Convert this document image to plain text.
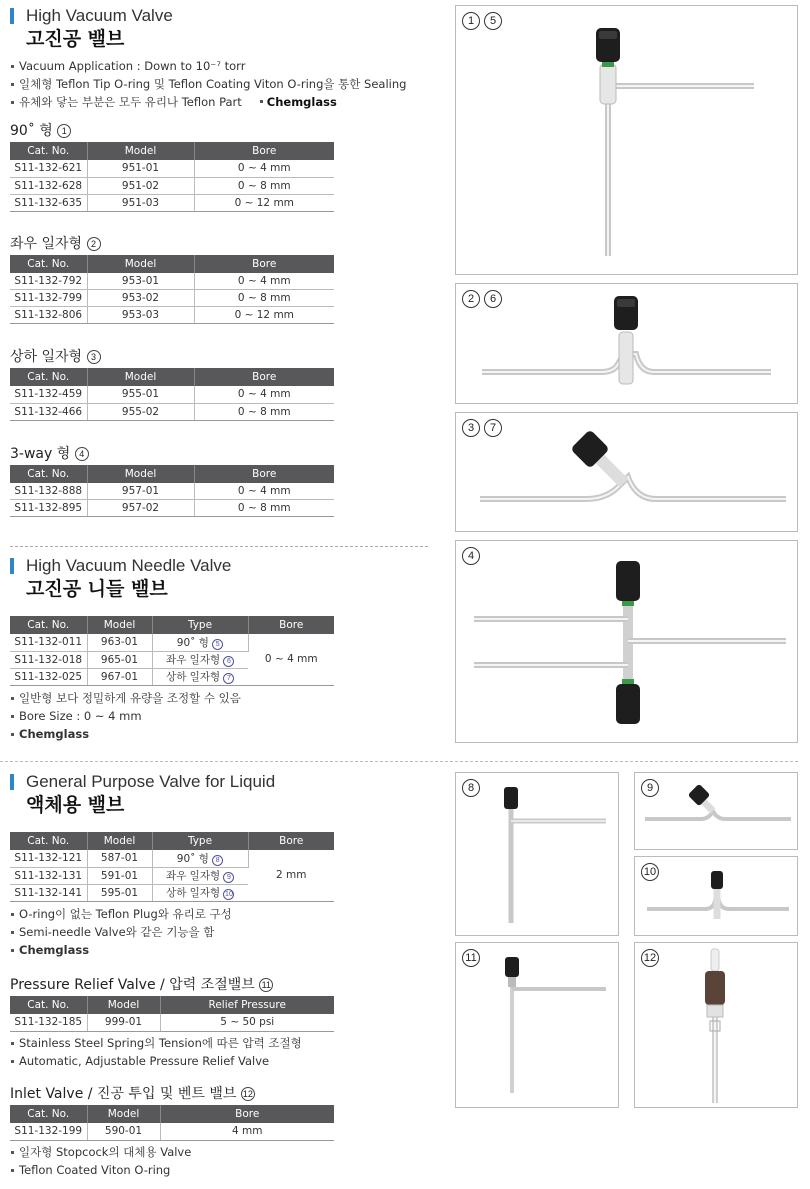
High Vacuum Valve
고진공 밸브
Vacuum Application : Down to 10⁻⁷ torr
일체형 Teflon Tip O-ring 및 Teflon Coating Viton O-ring을 통한 Sealing
유체와 닿는 부분은 모두 유리나 Teflon Part Chemglass
90˚ 형 1
Cat. No.	Model	Bore
S11-132-621	951-01	0 ~ 4 mm
S11-132-628	951-02	0 ~ 8 mm
S11-132-635	951-03	0 ~ 12 mm
좌우 일자형 2
Cat. No.	Model	Bore
S11-132-792	953-01	0 ~ 4 mm
S11-132-799	953-02	0 ~ 8 mm
S11-132-806	953-03	0 ~ 12 mm
상하 일자형 3
Cat. No.	Model	Bore
S11-132-459	955-01	0 ~ 4 mm
S11-132-466	955-02	0 ~ 8 mm
3-way 형 4
Cat. No.	Model	Bore
S11-132-888	957-01	0 ~ 4 mm
S11-132-895	957-02	0 ~ 8 mm
High Vacuum Needle Valve
고진공 니들 밸브
Cat. No.	Model	Type	Bore
S11-132-011	963-01	90˚ 형 5	0 ~ 4 mm
S11-132-018	965-01	좌우 일자형 6	
S11-132-025	967-01	상하 일자형 7	
일반형 보다 정밀하게 유량을 조정할 수 있음
Bore Size : 0 ~ 4 mm
Chemglass
General Purpose Valve for Liquid
액체용 밸브
Cat. No.	Model	Type	Bore
S11-132-121	587-01	90˚ 형 8	2 mm
S11-132-131	591-01	좌우 일자형 9	
S11-132-141	595-01	상하 일자형 10	
O-ring이 없는 Teflon Plug와 유리로 구성
Semi-needle Valve와 같은 기능을 함
Chemglass
Pressure Relief Valve / 압력 조절밸브 11
Cat. No.	Model	Relief Pressure
S11-132-185	999-01	5 ~ 50 psi
Stainless Steel Spring의 Tension에 따른 압력 조절형
Automatic, Adjustable Pressure Relief Valve
Inlet Valve / 진공 투입 및 벤트 밸브 12
Cat. No.	Model	Bore
S11-132-199	590-01	4 mm
일자형 Stopcock의 대체용 Valve
Teflon Coated Viton O-ring
1	5
2	6
3	7
4
8	9
10
11	12
